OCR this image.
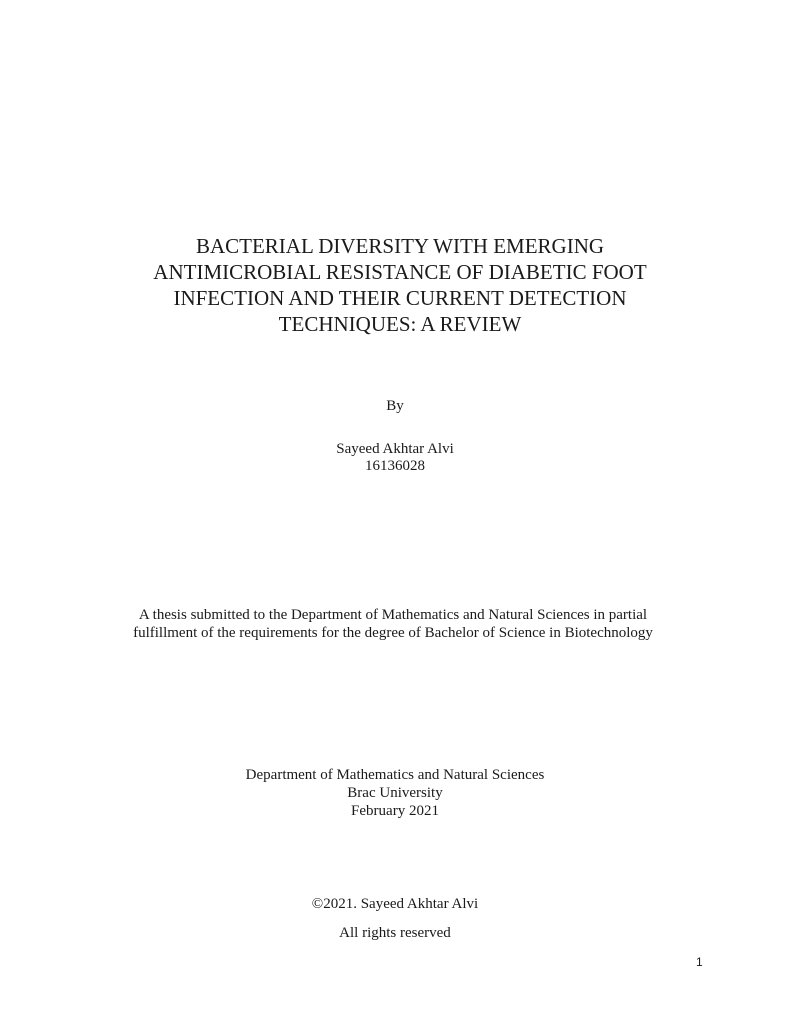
BACTERIAL DIVERSITY WITH EMERGING
ANTIMICROBIAL RESISTANCE OF DIABETIC FOOT
INFECTION AND THEIR CURRENT DETECTION
TECHNIQUES: A REVIEW
By
Sayeed Akhtar Alvi
16136028
A thesis submitted to the Department of Mathematics and Natural Sciences in partial
fulfillment of the requirements for the degree of Bachelor of Science in Biotechnology
Department of Mathematics and Natural Sciences
Brac University
February 2021
©2021. Sayeed Akhtar Alvi
All rights reserved
1
